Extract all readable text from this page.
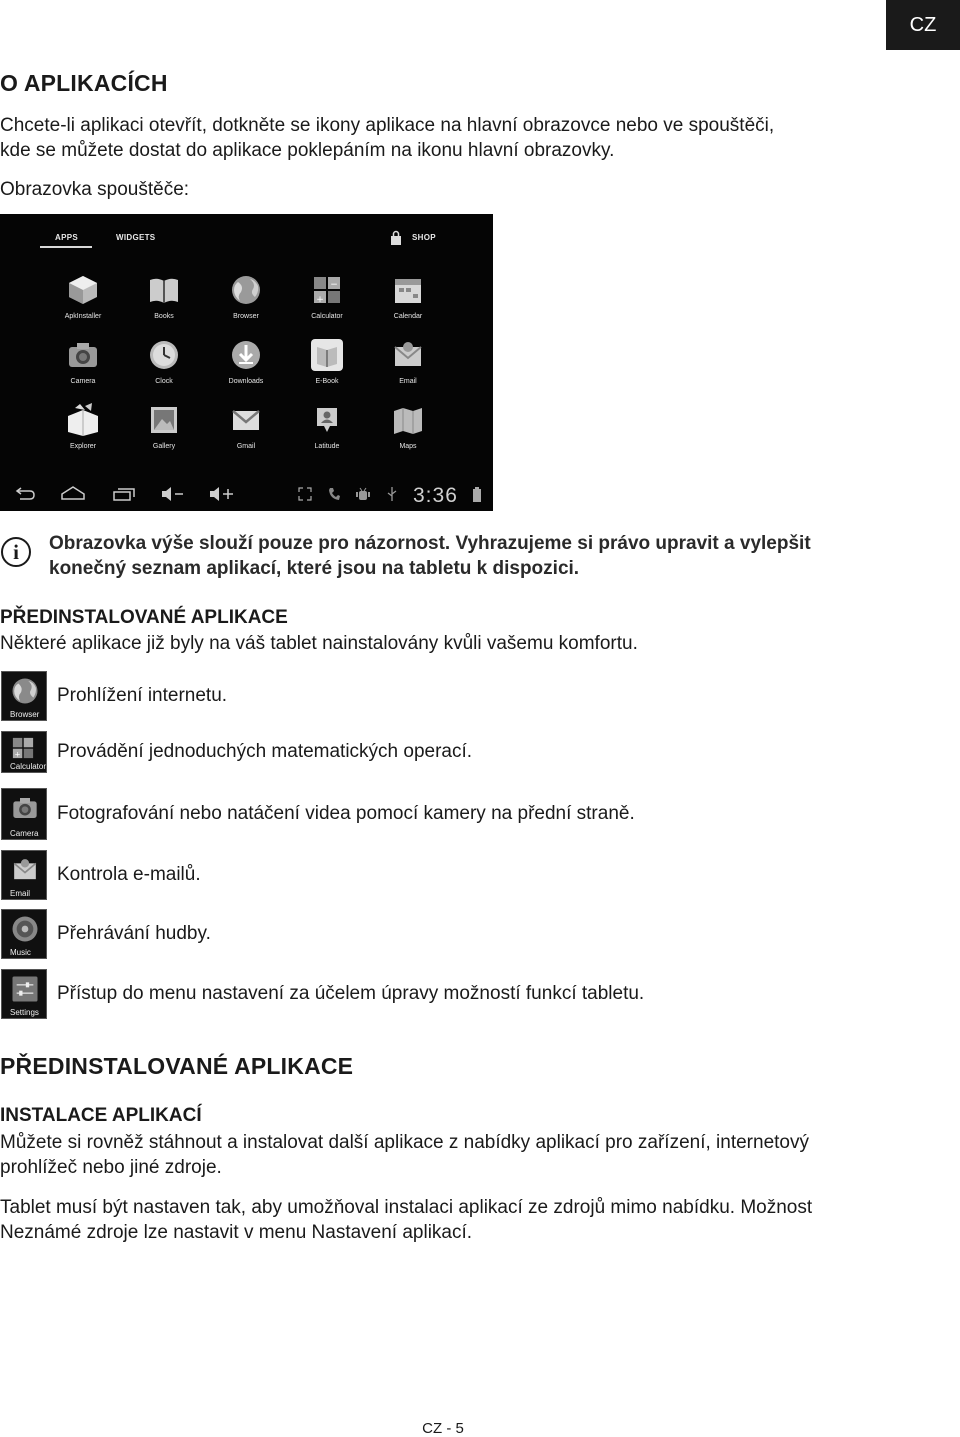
CZ
O APLIKACÍCH
Chcete-li aplikaci otevřít, dotkněte se ikony aplikace na hlavní obrazovce nebo ve spouštěči,
kde se můžete dostat do aplikace poklepáním na ikonu hlavní obrazovky.
Obrazovka spouštěče:
APPS	WIDGETS	SHOP
ApkInstaller	Books	Browser
+
−
Calculator	Calendar
Camera	Clock	Downloads	E-Book	Email
Explorer	Gallery	Gmail	Latitude	Maps
3:36
i	Obrazovka výše slouží pouze pro názornost. Vyhrazujeme si právo upravit a vylepšit
konečný seznam aplikací, které jsou na tabletu k dispozici.
PŘEDINSTALOVANÉ APLIKACE
Některé aplikace již byly na váš tablet nainstalovány kvůli vašemu komfortu.
Browser
Prohlížení internetu.
+
Calculator
Provádění jednoduchých matematických operací.
Camera
Fotografování nebo natáčení videa pomocí kamery na přední straně.
Email
Kontrola e-mailů.
Music
Přehrávání hudby.
Settings
Přístup do menu nastavení za účelem úpravy možností funkcí tabletu.
PŘEDINSTALOVANÉ APLIKACE
INSTALACE APLIKACÍ
Můžete si rovněž stáhnout a instalovat další aplikace z nabídky aplikací pro zařízení, internetový
prohlížeč nebo jiné zdroje.
Tablet musí být nastaven tak, aby umožňoval instalaci aplikací ze zdrojů mimo nabídku. Možnost
Neznámé zdroje lze nastavit v menu Nastavení aplikací.
CZ - 5
